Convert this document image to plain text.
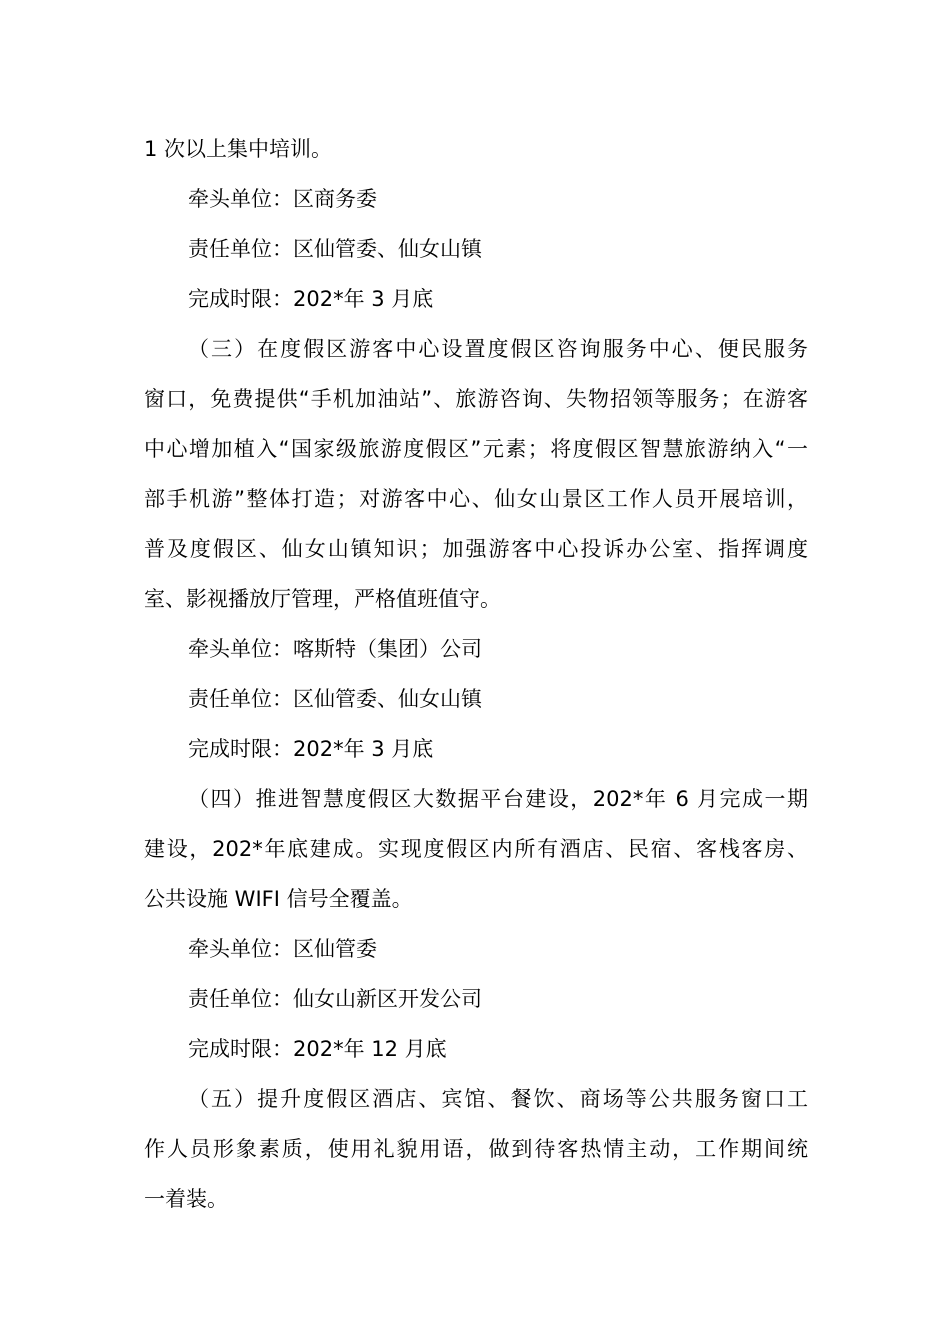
1 次以上集中培训。
牵头单位：区商务委
责任单位：区仙管委、仙女山镇
完成时限：202*年 3 月底
（三）在度假区游客中心设置度假区咨询服务中心、便民服务
窗口，免费提供“手机加油站”、旅游咨询、失物招领等服务；在游客
中心增加植入“国家级旅游度假区”元素；将度假区智慧旅游纳入“一
部手机游”整体打造；对游客中心、仙女山景区工作人员开展培训，
普及度假区、仙女山镇知识；加强游客中心投诉办公室、指挥调度
室、影视播放厅管理，严格值班值守。
牵头单位：喀斯特（集团）公司
责任单位：区仙管委、仙女山镇
完成时限：202*年 3 月底
（四）推进智慧度假区大数据平台建设，202*年 6 月完成一期
建设，202*年底建成。实现度假区内所有酒店、民宿、客栈客房、
公共设施 WIFI 信号全覆盖。
牵头单位：区仙管委
责任单位：仙女山新区开发公司
完成时限：202*年 12 月底
（五）提升度假区酒店、宾馆、餐饮、商场等公共服务窗口工
作人员形象素质，使用礼貌用语，做到待客热情主动，工作期间统
一着装。
